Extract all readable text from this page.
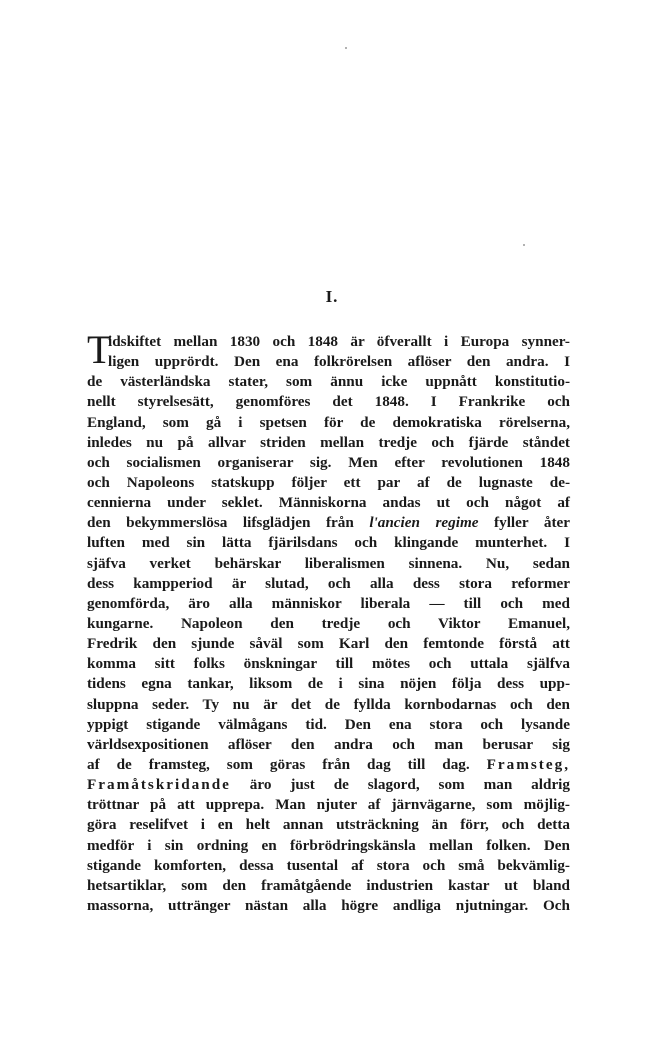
I.
T
idskiftet mellan 1830 och 1848 är öfverallt i Europa synner-
ligen upprördt. Den ena folkrörelsen aflöser den andra. I
de västerländska stater, som ännu icke uppnått konstitutio-
nellt styrelsesätt, genomföres det 1848. I Frankrike och
England, som gå i spetsen för de demokratiska rörelserna,
inledes nu på allvar striden mellan tredje och fjärde ståndet
och socialismen organiserar sig. Men efter revolutionen 1848
och Napoleons statskupp följer ett par af de lugnaste de-
cennierna under seklet. Människorna andas ut och något af
den bekymmerslösa lifsglädjen från l'ancien regime fyller åter
luften med sin lätta fjärilsdans och klingande munterhet. I
sjäfva verket behärskar liberalismen sinnena. Nu, sedan
dess kampperiod är slutad, och alla dess stora reformer
genomförda, äro alla människor liberala — till och med
kungarne. Napoleon den tredje och Viktor Emanuel,
Fredrik den sjunde såväl som Karl den femtonde förstå att
komma sitt folks önskningar till mötes och uttala själfva
tidens egna tankar, liksom de i sina nöjen följa dess upp-
sluppna seder. Ty nu är det de fyllda kornbodarnas och den
yppigt stigande välmågans tid. Den ena stora och lysande
världsexpositionen aflöser den andra och man berusar sig
af de framsteg, som göras från dag till dag. Framsteg,
Framåtskridande äro just de slagord, som man aldrig
tröttnar på att upprepa. Man njuter af järnvägarne, som möjlig-
göra reselifvet i en helt annan utsträckning än förr, och detta
medför i sin ordning en förbrödringskänsla mellan folken. Den
stigande komforten, dessa tusental af stora och små bekvämlig-
hetsartiklar, som den framåtgående industrien kastar ut bland
massorna, uttränger nästan alla högre andliga njutningar. Och
